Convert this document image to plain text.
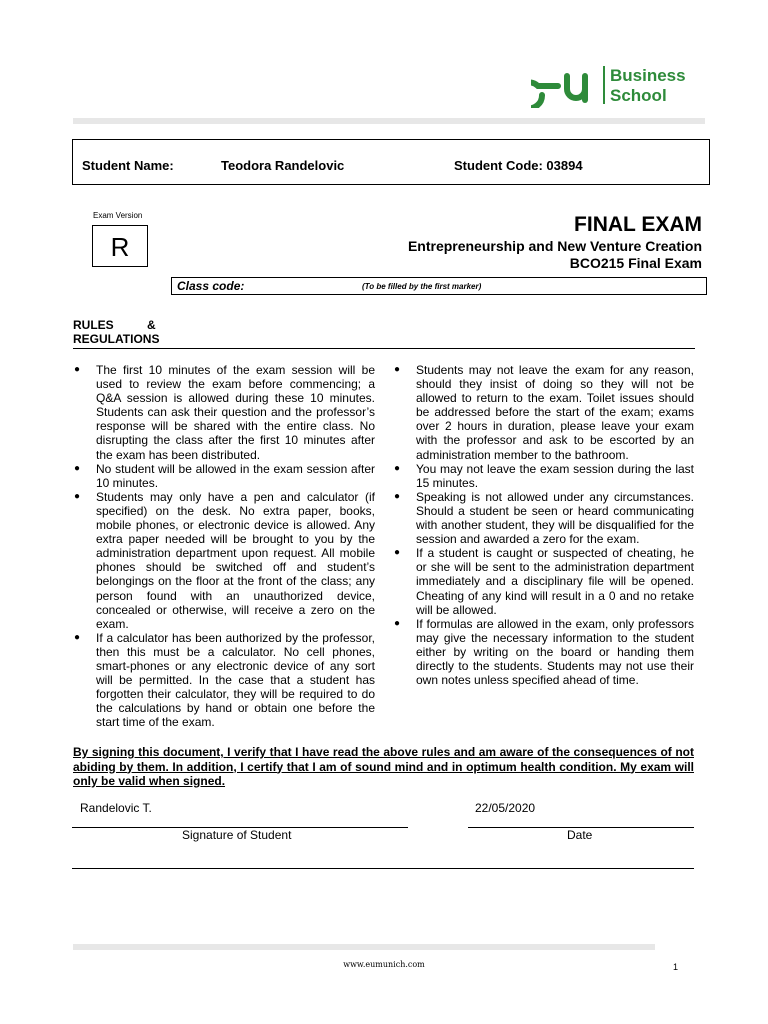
Business
School
Student Name:	Teodora Randelovic	Student Code: 03894
Exam Version
R
FINAL EXAM
Entrepreneurship and New Venture Creation
BCO215 Final Exam
Class code:	(To be filled by the first marker)
RULES          &
REGULATIONS
● The first 10 minutes of the exam session will be used to review the exam before commencing; a Q&A session is allowed during these 10 minutes. Students can ask their question and the professor’s response will be shared with the entire class. No disrupting the class after the first 10 minutes after the exam has been distributed.
● No student will be allowed in the exam session after 10 minutes.
● Students may only have a pen and calculator (if specified) on the desk. No extra paper, books, mobile phones, or electronic device is allowed. Any extra paper needed will be brought to you by the administration department upon request. All mobile phones should be switched off and student’s belongings on the floor at the front of the class; any person found with an unauthorized device, concealed or otherwise, will receive a zero on the exam.
● If a calculator has been authorized by the professor, then this must be a calculator. No cell phones, smart-phones or any electronic device of any sort will be permitted. In the case that a student has forgotten their calculator, they will be required to do the calculations by hand or obtain one before the start time of the exam.
● Students may not leave the exam for any reason, should they insist of doing so they will not be allowed to return to the exam. Toilet issues should be addressed before the start of the exam; exams over 2 hours in duration, please leave your exam with the professor and ask to be escorted by an administration member to the bathroom.
● You may not leave the exam session during the last 15 minutes.
● Speaking is not allowed under any circumstances. Should a student be seen or heard communicating with another student, they will be disqualified for the session and awarded a zero for the exam.
● If a student is caught or suspected of cheating, he or she will be sent to the administration department immediately and a disciplinary file will be opened. Cheating of any kind will result in a 0 and no retake will be allowed.
● If formulas are allowed in the exam, only professors may give the necessary information to the student either by writing on the board or handing them directly to the students. Students may not use their own notes unless specified ahead of time.
By signing this document, I verify that I have read the above rules and am aware of the consequences of not abiding by them. In addition, I certify that I am of sound mind and in optimum health condition. My exam will only be valid when signed.
Randelovic T.	22/05/2020
Signature of Student	Date
www.eumunich.com	1
